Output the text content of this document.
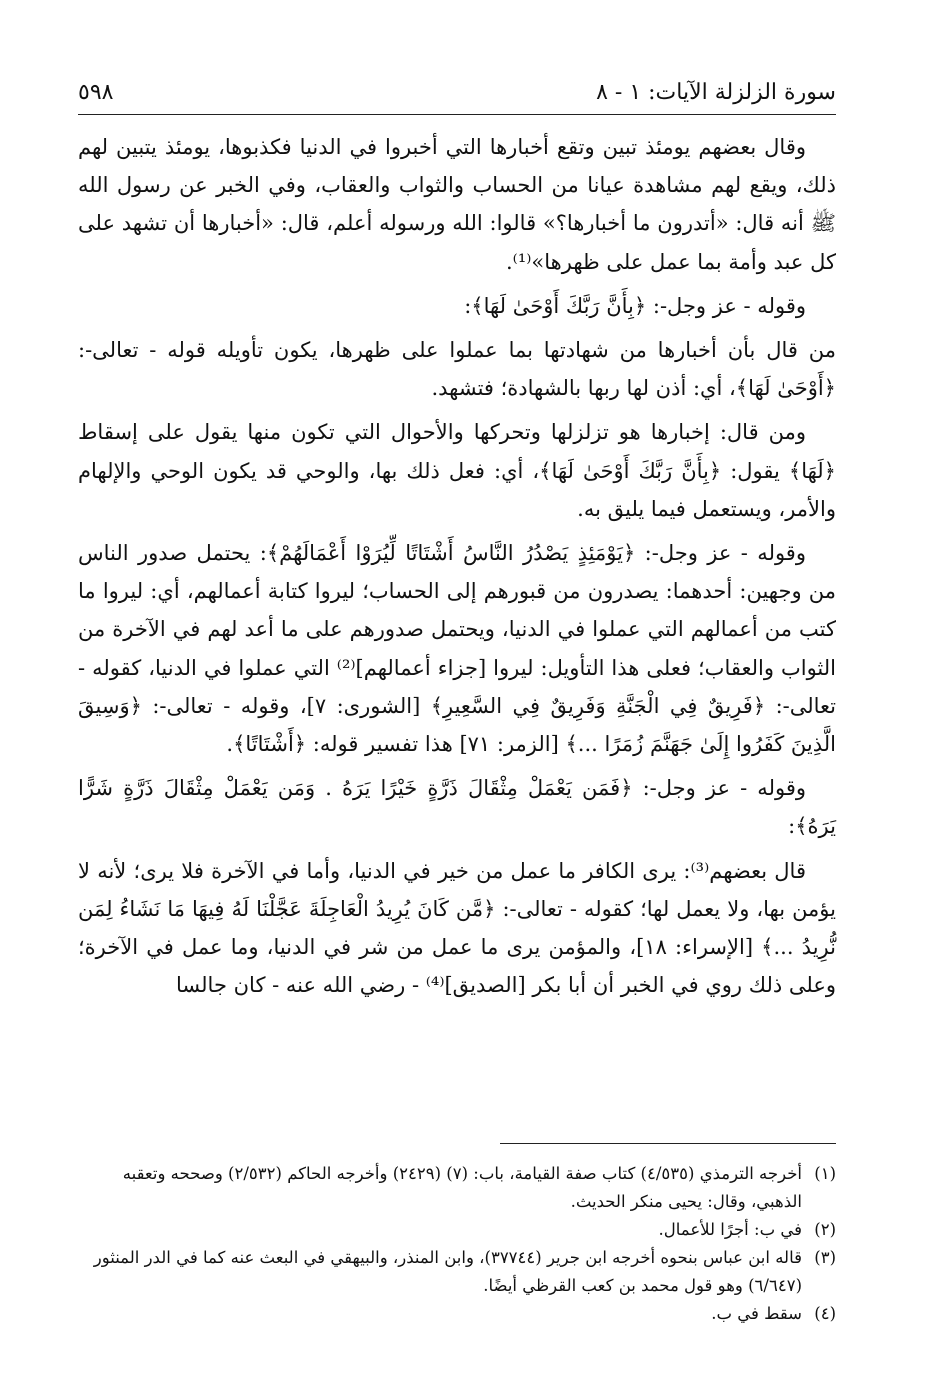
سورة الزلزلة الآيات: ١ - ٨
٥٩٨

وقال بعضهم يومئذ تبين وتقع أخبارها التي أخبروا في الدنيا فكذبوها، يومئذ يتبين لهم ذلك، ويقع لهم مشاهدة عيانا من الحساب والثواب والعقاب، وفي الخبر عن رسول الله ﷺ أنه قال: «أتدرون ما أخبارها؟» قالوا: الله ورسوله أعلم، قال: «أخبارها أن تشهد على كل عبد وأمة بما عمل على ظهرها»⁽¹⁾.

وقوله - عز وجل-: ﴿بِأَنَّ رَبَّكَ أَوْحَىٰ لَهَا﴾:

من قال بأن أخبارها من شهادتها بما عملوا على ظهرها، يكون تأويله قوله - تعالى-: ﴿أَوْحَىٰ لَهَا﴾، أي: أذن لها ربها بالشهادة؛ فتشهد.

ومن قال: إخبارها هو تزلزلها وتحركها والأحوال التي تكون منها يقول على إسقاط ﴿لَهَا﴾ يقول: ﴿بِأَنَّ رَبَّكَ أَوْحَىٰ لَهَا﴾، أي: فعل ذلك بها، والوحي قد يكون الوحي والإلهام والأمر، ويستعمل فيما يليق به.

وقوله - عز وجل-: ﴿يَوْمَئِذٍ يَصْدُرُ النَّاسُ أَشْتَاتًا لِّيُرَوْا أَعْمَالَهُمْ﴾: يحتمل صدور الناس من وجهين: أحدهما: يصدرون من قبورهم إلى الحساب؛ ليروا كتابة أعمالهم، أي: ليروا ما كتب من أعمالهم التي عملوا في الدنيا، ويحتمل صدورهم على ما أعد لهم في الآخرة من الثواب والعقاب؛ فعلى هذا التأويل: ليروا [جزاء أعمالهم]⁽²⁾ التي عملوا في الدنيا، كقوله - تعالى-: ﴿فَرِيقٌ فِي الْجَنَّةِ وَفَرِيقٌ فِي السَّعِيرِ﴾ [الشورى: ٧]، وقوله - تعالى-: ﴿وَسِيقَ الَّذِينَ كَفَرُوا إِلَىٰ جَهَنَّمَ زُمَرًا ...﴾ [الزمر: ٧١] هذا تفسير قوله: ﴿أَشْتَاتًا﴾.

وقوله - عز وجل-: ﴿فَمَن يَعْمَلْ مِثْقَالَ ذَرَّةٍ خَيْرًا يَرَهُ . وَمَن يَعْمَلْ مِثْقَالَ ذَرَّةٍ شَرًّا يَرَهُ﴾:

قال بعضهم⁽³⁾: يرى الكافر ما عمل من خير في الدنيا، وأما في الآخرة فلا يرى؛ لأنه لا يؤمن بها، ولا يعمل لها؛ كقوله - تعالى-: ﴿مَّن كَانَ يُرِيدُ الْعَاجِلَةَ عَجَّلْنَا لَهُ فِيهَا مَا نَشَاءُ لِمَن نُّرِيدُ ...﴾ [الإسراء: ١٨]، والمؤمن يرى ما عمل من شر في الدنيا، وما عمل في الآخرة؛ وعلى ذلك روي في الخبر أن أبا بكر [الصديق]⁽⁴⁾ - رضي الله عنه - كان جالسا

(١)
أخرجه الترمذي (٤/٥٣٥) كتاب صفة القيامة، باب: (٧) (٢٤٢٩) وأخرجه الحاكم (٢/٥٣٢) وصححه وتعقبه الذهبي، وقال: يحيى منكر الحديث.
(٢)
في ب: أجرًا للأعمال.
(٣)
قاله ابن عباس بنحوه أخرجه ابن جرير (٣٧٧٤٤)، وابن المنذر، والبيهقي في البعث عنه كما في الدر المنثور (٦/٦٤٧) وهو قول محمد بن كعب القرظي أيضًا.
(٤)
سقط في ب.
